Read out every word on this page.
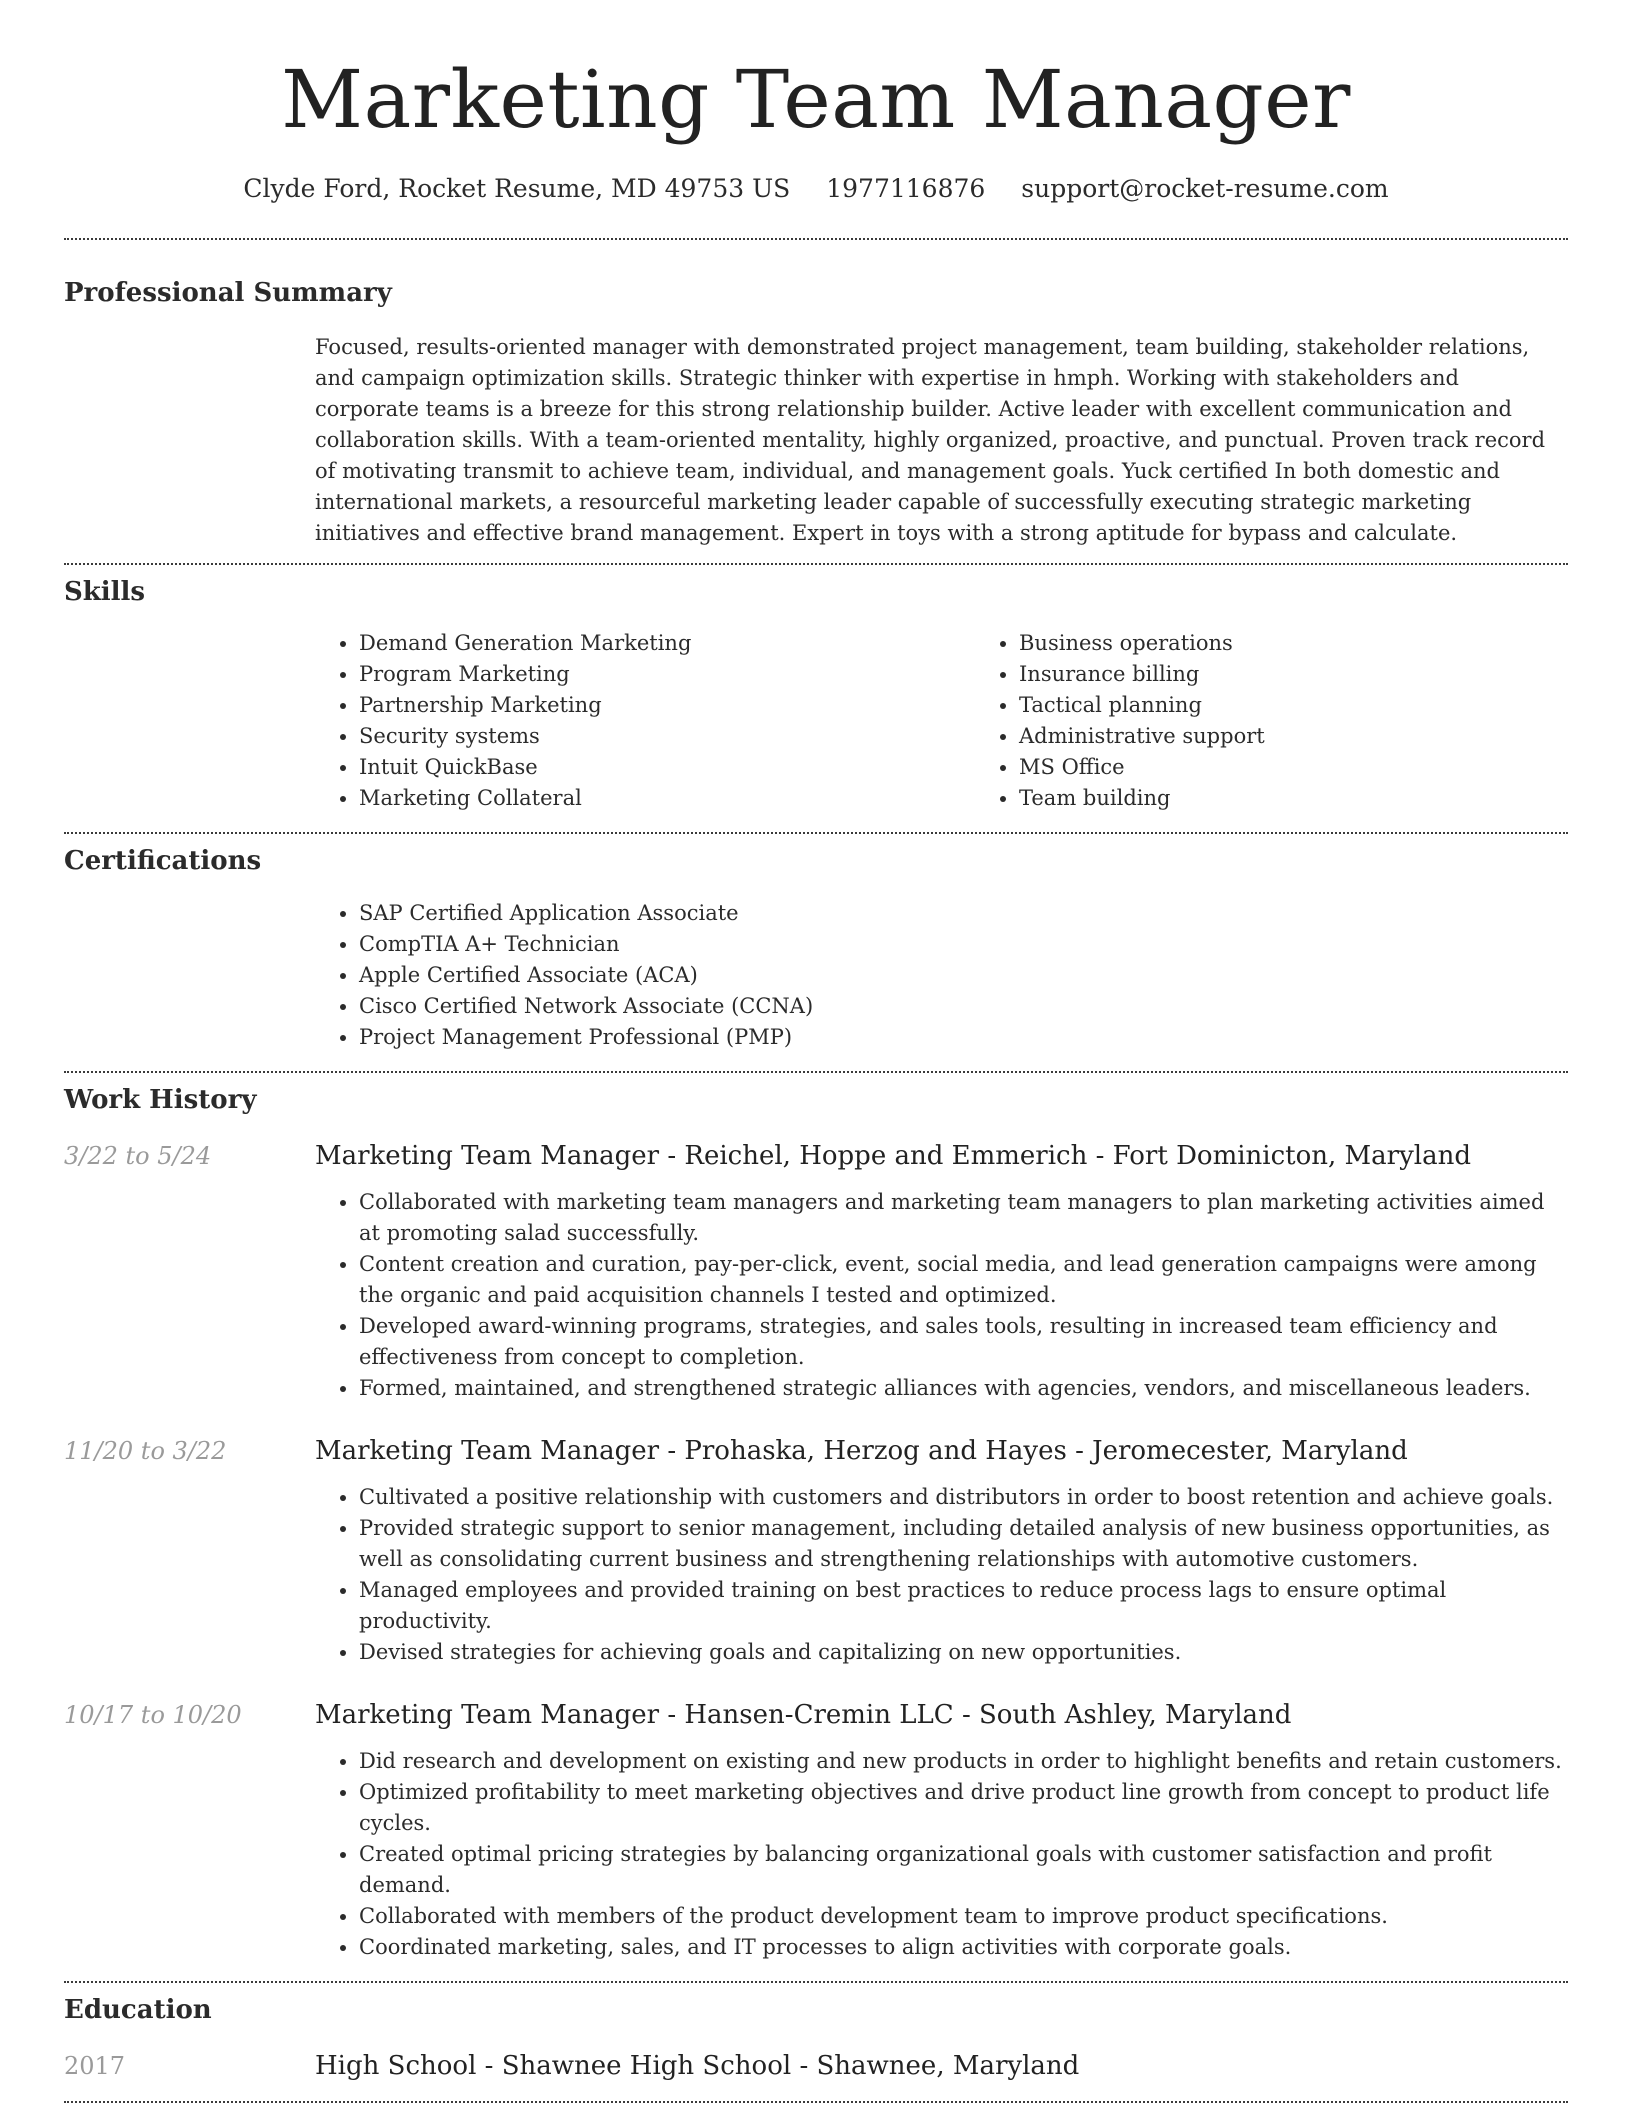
Marketing Team Manager
Clyde Ford, Rocket Resume, MD 49753 US 1977116876 support@rocket-resume.com
Professional Summary
Focused, results-oriented manager with demonstrated project management, team building, stakeholder relations, and campaign optimization skills. Strategic thinker with expertise in hmph. Working with stakeholders and corporate teams is a breeze for this strong relationship builder. Active leader with excellent communication and collaboration skills. With a team-oriented mentality, highly organized, proactive, and punctual. Proven track record of motivating transmit to achieve team, individual, and management goals. Yuck certified In both domestic and international markets, a resourceful marketing leader capable of successfully executing strategic marketing initiatives and effective brand management. Expert in toys with a strong aptitude for bypass and calculate.
Skills
• Demand Generation Marketing
• Program Marketing
• Partnership Marketing
• Security systems
• Intuit QuickBase
• Marketing Collateral
• Business operations
• Insurance billing
• Tactical planning
• Administrative support
• MS Office
• Team building
Certifications
• SAP Certified Application Associate
• CompTIA A+ Technician
• Apple Certified Associate (ACA)
• Cisco Certified Network Associate (CCNA)
• Project Management Professional (PMP)
Work History
3/22 to 5/24	Marketing Team Manager - Reichel, Hoppe and Emmerich - Fort Dominicton, Maryland
• Collaborated with marketing team managers and marketing team managers to plan marketing activities aimed at promoting salad successfully.
• Content creation and curation, pay-per-click, event, social media, and lead generation campaigns were among the organic and paid acquisition channels I tested and optimized.
• Developed award-winning programs, strategies, and sales tools, resulting in increased team efficiency and effectiveness from concept to completion.
• Formed, maintained, and strengthened strategic alliances with agencies, vendors, and miscellaneous leaders.
11/20 to 3/22	Marketing Team Manager - Prohaska, Herzog and Hayes - Jeromecester, Maryland
• Cultivated a positive relationship with customers and distributors in order to boost retention and achieve goals.
• Provided strategic support to senior management, including detailed analysis of new business opportunities, as well as consolidating current business and strengthening relationships with automotive customers.
• Managed employees and provided training on best practices to reduce process lags to ensure optimal productivity.
• Devised strategies for achieving goals and capitalizing on new opportunities.
10/17 to 10/20	Marketing Team Manager - Hansen-Cremin LLC - South Ashley, Maryland
• Did research and development on existing and new products in order to highlight benefits and retain customers.
• Optimized profitability to meet marketing objectives and drive product line growth from concept to product life cycles.
• Created optimal pricing strategies by balancing organizational goals with customer satisfaction and profit demand.
• Collaborated with members of the product development team to improve product specifications.
• Coordinated marketing, sales, and IT processes to align activities with corporate goals.
Education
2017	High School - Shawnee High School - Shawnee, Maryland
